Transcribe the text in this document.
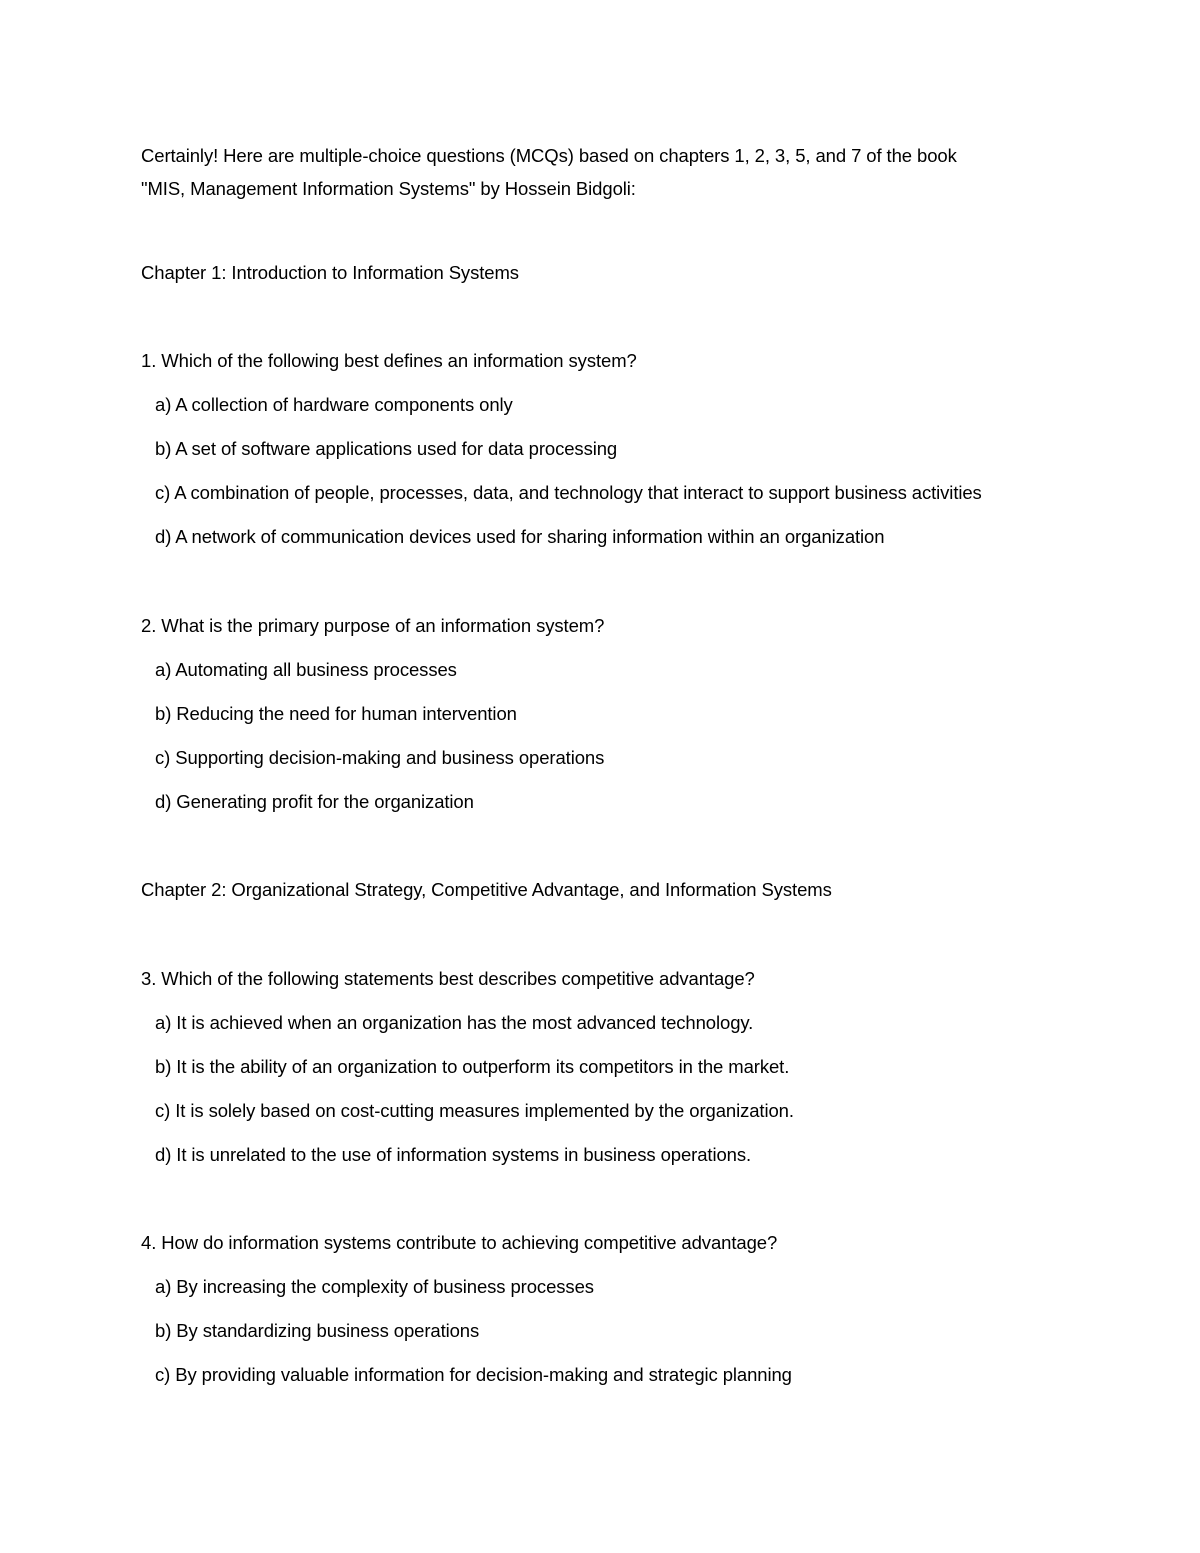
Certainly! Here are multiple-choice questions (MCQs) based on chapters 1, 2, 3, 5, and 7 of the book
"MIS, Management Information Systems" by Hossein Bidgoli:
Chapter 1: Introduction to Information Systems
1. Which of the following best defines an information system?
a) A collection of hardware components only
b) A set of software applications used for data processing
c) A combination of people, processes, data, and technology that interact to support business activities
d) A network of communication devices used for sharing information within an organization
2. What is the primary purpose of an information system?
a) Automating all business processes
b) Reducing the need for human intervention
c) Supporting decision-making and business operations
d) Generating profit for the organization
Chapter 2: Organizational Strategy, Competitive Advantage, and Information Systems
3. Which of the following statements best describes competitive advantage?
a) It is achieved when an organization has the most advanced technology.
b) It is the ability of an organization to outperform its competitors in the market.
c) It is solely based on cost-cutting measures implemented by the organization.
d) It is unrelated to the use of information systems in business operations.
4. How do information systems contribute to achieving competitive advantage?
a) By increasing the complexity of business processes
b) By standardizing business operations
c) By providing valuable information for decision-making and strategic planning
